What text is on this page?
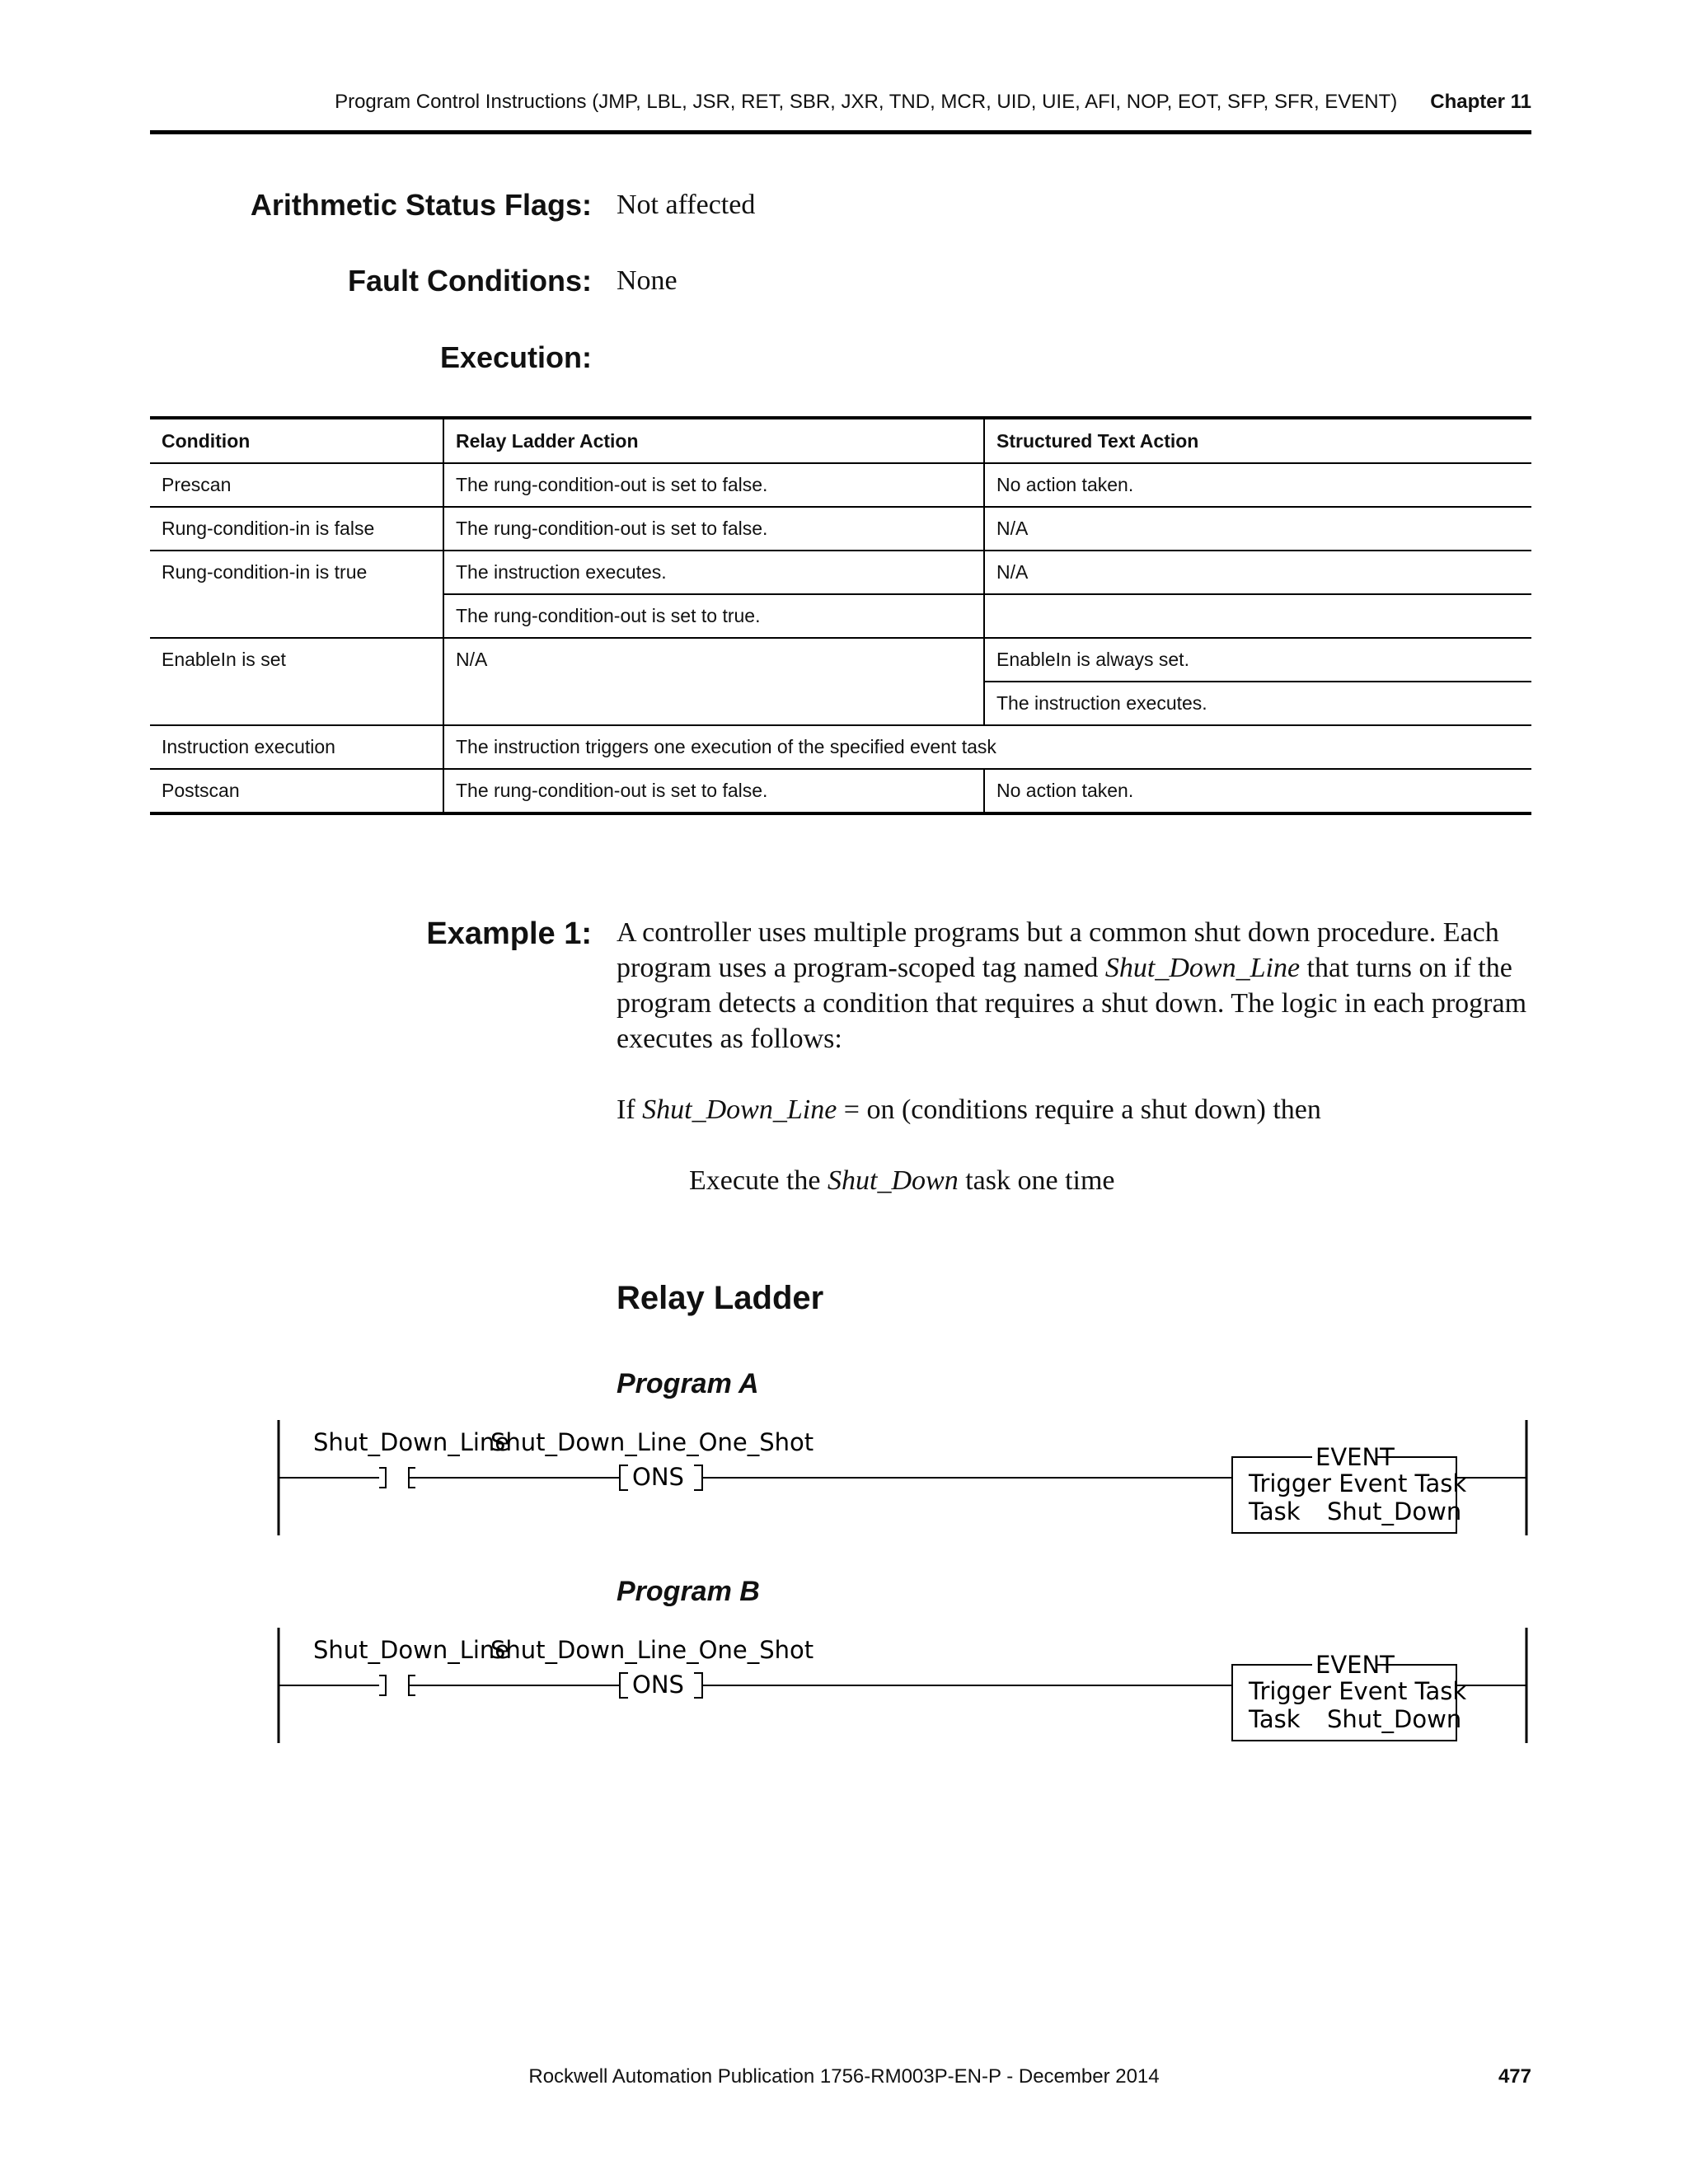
Program Control Instructions (JMP, LBL, JSR, RET, SBR, JXR, TND, MCR, UID, UIE, AFI, NOP, EOT, SFP, SFR, EVENT) Chapter 11
Arithmetic Status Flags: Not affected
Fault Conditions: None
Execution:
Condition	Relay Ladder Action	Structured Text Action
Prescan	The rung-condition-out is set to false.	No action taken.
Rung-condition-in is false	The rung-condition-out is set to false.	N/A
Rung-condition-in is true	The instruction executes.	N/A
	The rung-condition-out is set to true.	
EnableIn is set	N/A	EnableIn is always set.
		The instruction executes.
Instruction execution	The instruction triggers one execution of the specified event task	
Postscan	The rung-condition-out is set to false.	No action taken.
Example 1: A controller uses multiple programs but a common shut down procedure. Each program uses a program-scoped tag named Shut_Down_Line that turns on if the program detects a condition that requires a shut down. The logic in each program executes as follows:
If Shut_Down_Line = on (conditions require a shut down) then
Execute the Shut_Down task one time
Relay Ladder
Program A
Shut_Down_Line
Shut_Down_Line_One_Shot
ONS
EVENT
Trigger Event Task
Task Shut_Down
Program B
Shut_Down_Line
Shut_Down_Line_One_Shot
ONS
EVENT
Trigger Event Task
Task Shut_Down
Rockwell Automation Publication 1756-RM003P-EN-P - December 2014	477
